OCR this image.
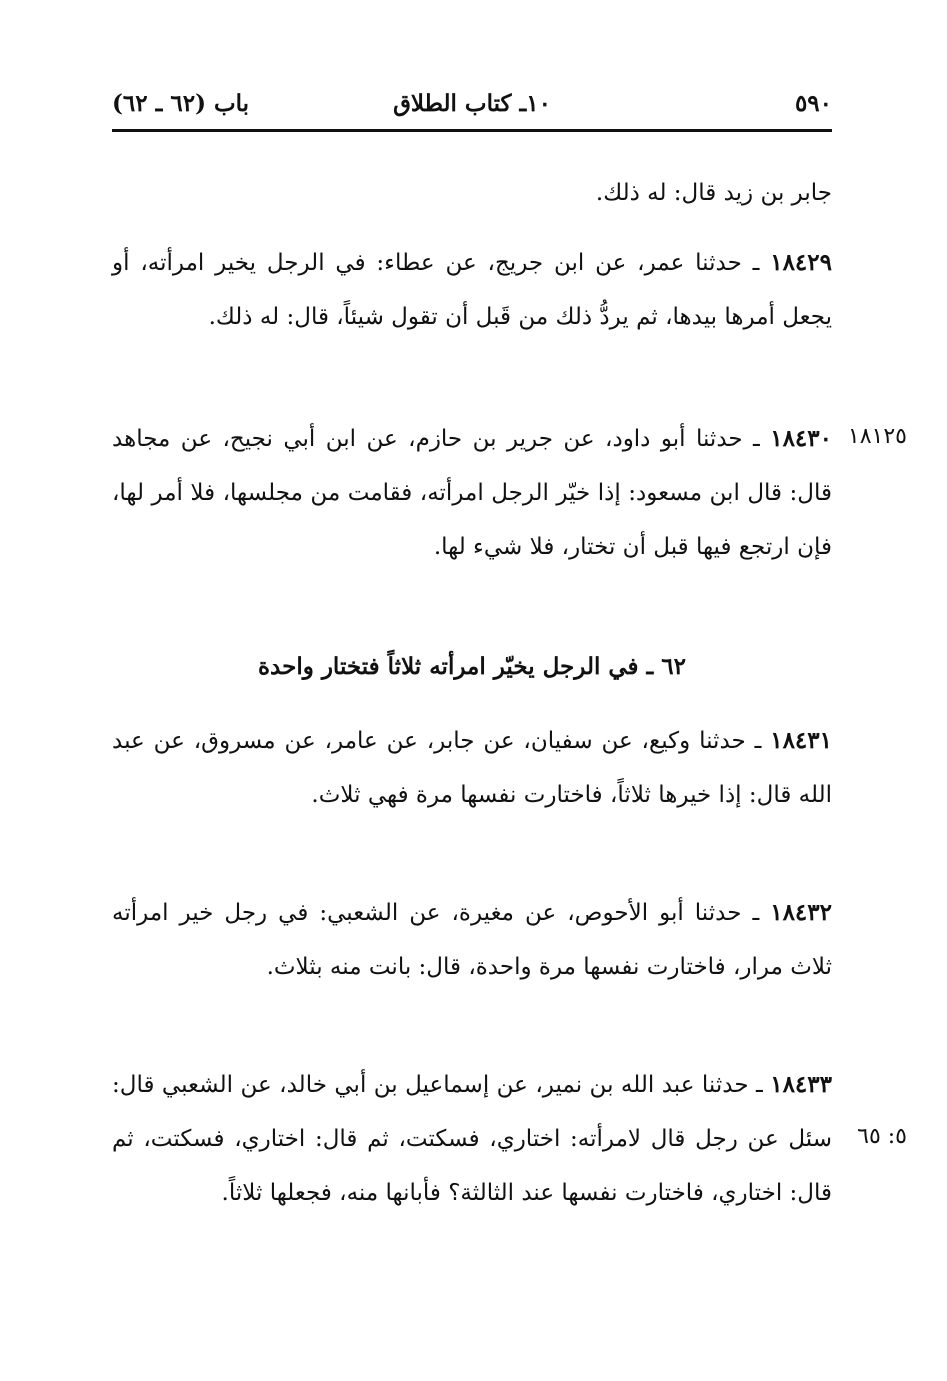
٥٩٠
١٠ـ كتاب الطلاق
باب (٦٢ ـ ٦٢)

جابر بن زيد قال: له ذلك.

١٨٤٢٩ ـ حدثنا عمر، عن ابن جريج، عن عطاء: في الرجل يخير امرأته، أو يجعل أمرها بيدها، ثم يردُّ ذلك من قَبل أن تقول شيئاً، قال: له ذلك.

١٨٤٣٠ ـ حدثنا أبو داود، عن جرير بن حازم، عن ابن أبي نجيح، عن مجاهد قال: قال ابن مسعود: إذا خيّر الرجل امرأته، فقامت من مجلسها، فلا أمر لها، فإن ارتجع فيها قبل أن تختار، فلا شيء لها.

١٨١٢٥
٦٢ ـ في الرجل يخيّر امرأته ثلاثاً فتختار واحدة

١٨٤٣١ ـ حدثنا وكيع، عن سفيان، عن جابر، عن عامر، عن مسروق، عن عبد الله قال: إذا خيرها ثلاثاً، فاختارت نفسها مرة فهي ثلاث.

١٨٤٣٢ ـ حدثنا أبو الأحوص، عن مغيرة، عن الشعبي: في رجل خير امرأته ثلاث مرار، فاختارت نفسها مرة واحدة، قال: بانت منه بثلاث.

١٨٤٣٣ ـ حدثنا عبد الله بن نمير، عن إسماعيل بن أبي خالد، عن الشعبي قال: سئل عن رجل قال لامرأته: اختاري، فسكتت، ثم قال: اختاري، فسكتت، ثم قال: اختاري، فاختارت نفسها عند الثالثة؟ فأبانها منه، فجعلها ثلاثاً.

٥: ٦٥
